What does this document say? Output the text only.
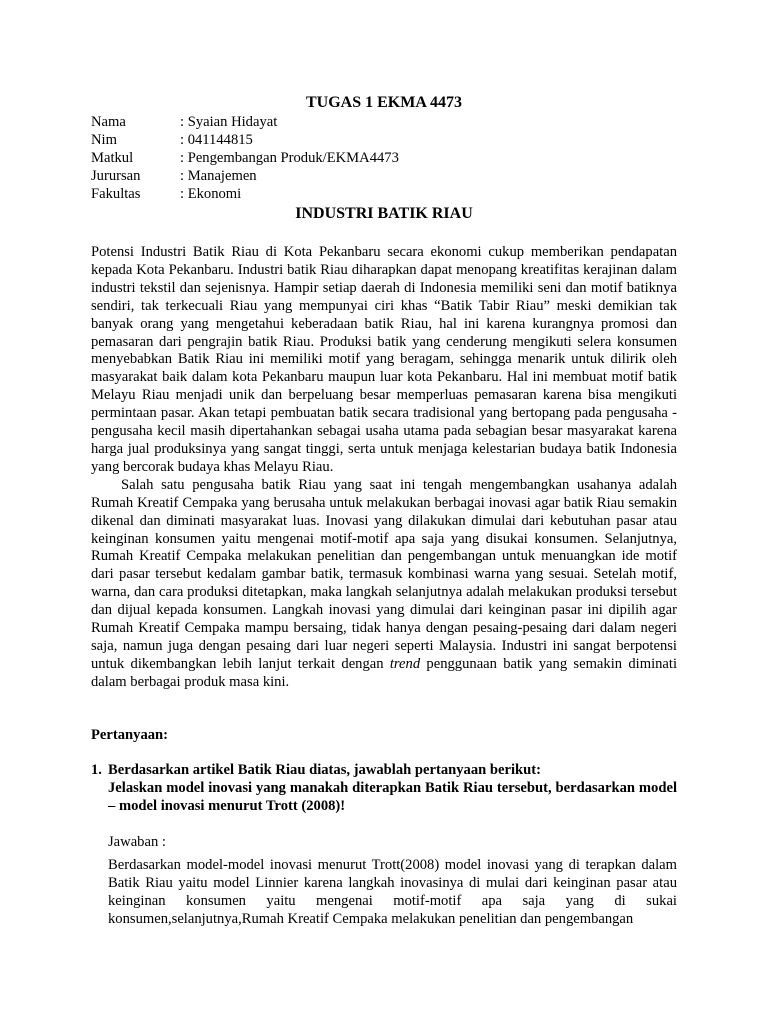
TUGAS 1 EKMA 4473
Nama	: Syaian Hidayat
Nim	: 041144815
Matkul	: Pengembangan Produk/EKMA4473
Jurursan	: Manajemen
Fakultas	: Ekonomi
INDUSTRI BATIK RIAU

Potensi Industri Batik Riau di Kota Pekanbaru secara ekonomi cukup memberikan pendapatan kepada Kota Pekanbaru. Industri batik Riau diharapkan dapat menopang kreatifitas kerajinan dalam industri tekstil dan sejenisnya. Hampir setiap daerah di Indonesia memiliki seni dan motif batiknya sendiri, tak terkecuali Riau yang mempunyai ciri khas “Batik Tabir Riau” meski demikian tak banyak orang yang mengetahui keberadaan batik Riau, hal ini karena kurangnya promosi dan pemasaran dari pengrajin batik Riau. Produksi batik yang cenderung mengikuti selera konsumen menyebabkan Batik Riau ini memiliki motif yang beragam, sehingga menarik untuk dilirik oleh masyarakat baik dalam kota Pekanbaru maupun luar kota Pekanbaru. Hal ini membuat motif batik Melayu Riau menjadi unik dan berpeluang besar memperluas pemasaran karena bisa mengikuti permintaan pasar. Akan tetapi pembuatan batik secara tradisional yang bertopang pada pengusaha - pengusaha kecil masih dipertahankan sebagai usaha utama pada sebagian besar masyarakat karena harga jual produksinya yang sangat tinggi, serta untuk menjaga kelestarian budaya batik Indonesia yang bercorak budaya khas Melayu Riau.

Salah satu pengusaha batik Riau yang saat ini tengah mengembangkan usahanya adalah Rumah Kreatif Cempaka yang berusaha untuk melakukan berbagai inovasi agar batik Riau semakin dikenal dan diminati masyarakat luas. Inovasi yang dilakukan dimulai dari kebutuhan pasar atau keinginan konsumen yaitu mengenai motif-motif apa saja yang disukai konsumen. Selanjutnya, Rumah Kreatif Cempaka melakukan penelitian dan pengembangan untuk menuangkan ide motif dari pasar tersebut kedalam gambar batik, termasuk kombinasi warna yang sesuai. Setelah motif, warna, dan cara produksi ditetapkan, maka langkah selanjutnya adalah melakukan produksi tersebut dan dijual kepada konsumen. Langkah inovasi yang dimulai dari keinginan pasar ini dipilih agar Rumah Kreatif Cempaka mampu bersaing, tidak hanya dengan pesaing-pesaing dari dalam negeri saja, namun juga dengan pesaing dari luar negeri seperti Malaysia. Industri ini sangat berpotensi untuk dikembangkan lebih lanjut terkait dengan trend penggunaan batik yang semakin diminati dalam berbagai produk masa kini.

Pertanyaan:
1. Berdasarkan artikel Batik Riau diatas, jawablah pertanyaan berikut:
Jelaskan model inovasi yang manakah diterapkan Batik Riau tersebut, berdasarkan model – model inovasi menurut Trott (2008)!
Jawaban :
Berdasarkan model-model inovasi menurut Trott(2008) model inovasi yang di terapkan dalam Batik Riau yaitu model Linnier karena langkah inovasinya di mulai dari keinginan pasar atau keinginan konsumen yaitu mengenai motif-motif apa saja yang di sukai konsumen,selanjutnya,Rumah Kreatif Cempaka melakukan penelitian dan pengembangan
